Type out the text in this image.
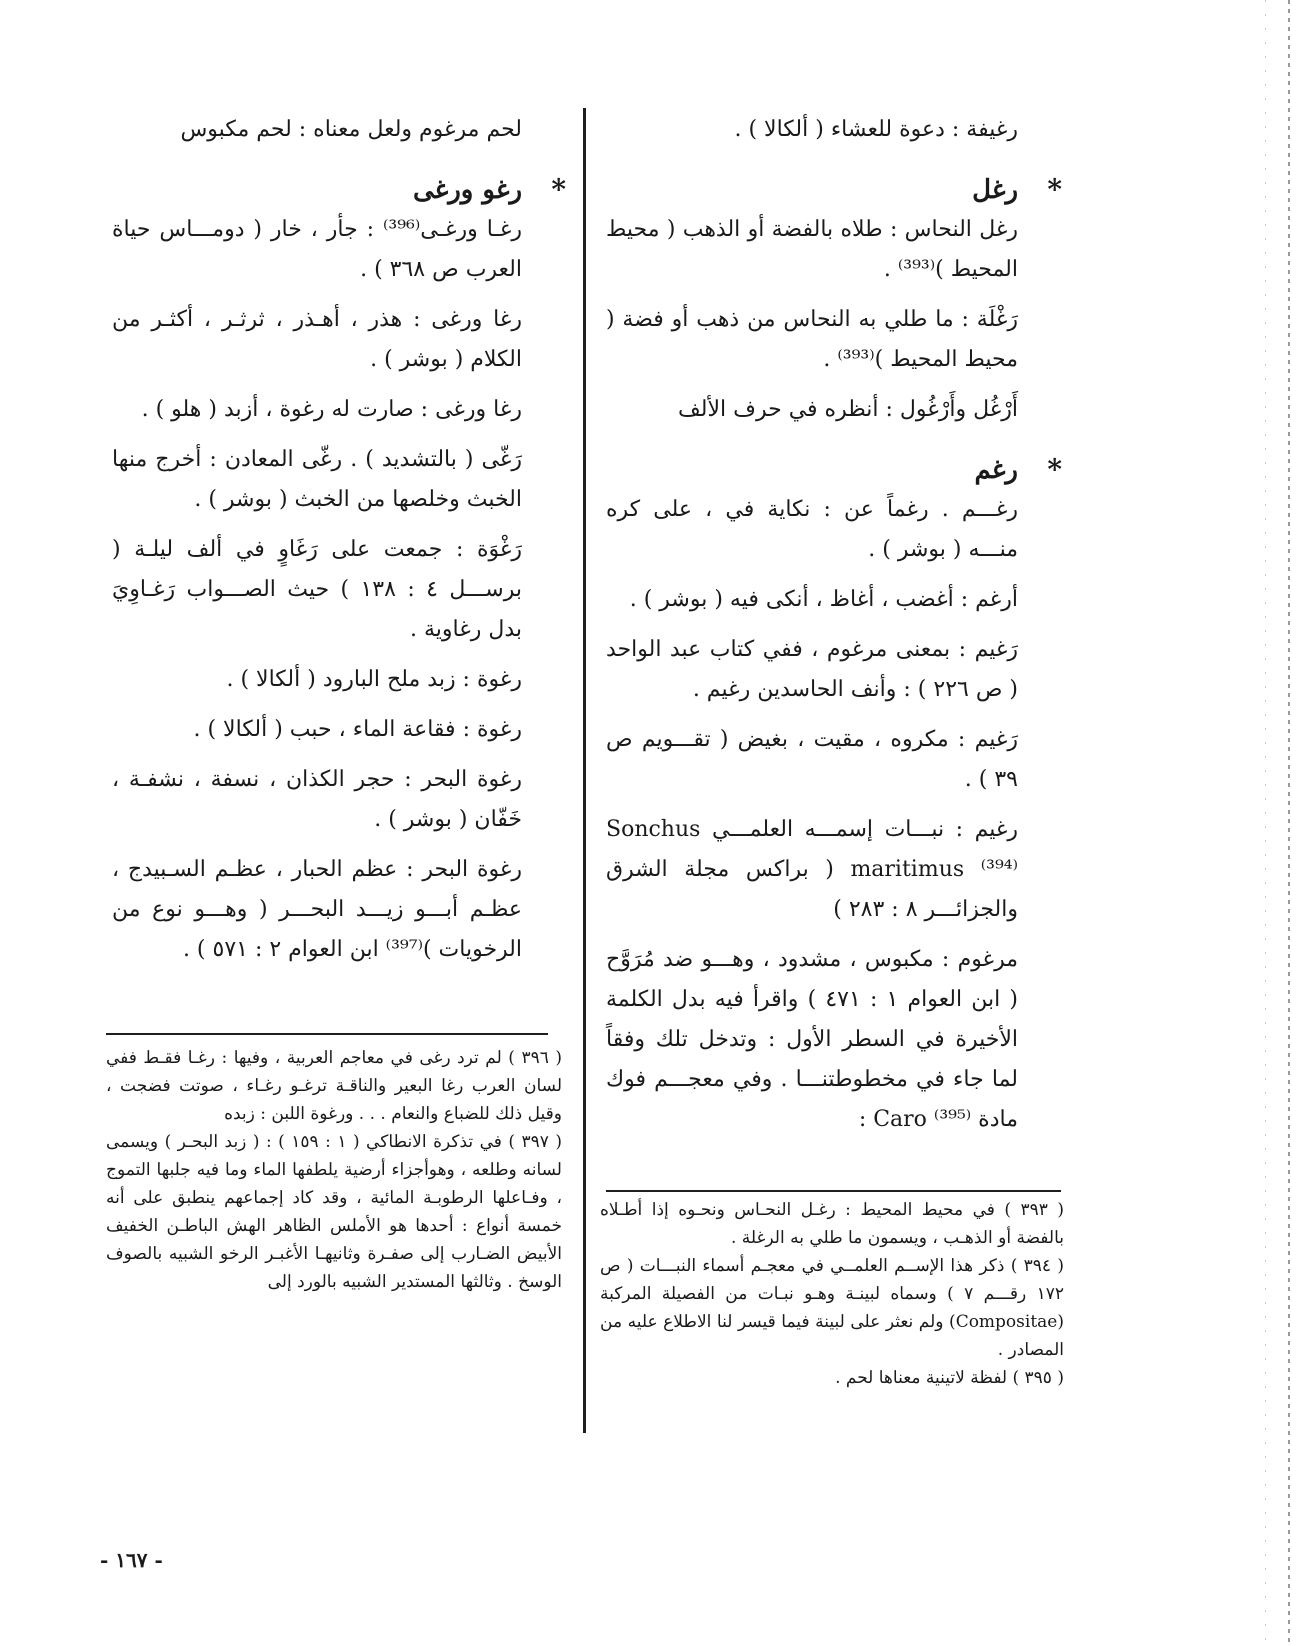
رغيفة : دعوة للعشاء ( ألكالا ) .

*
رغل

رغل النحاس : طلاه بالفضة أو الذهب ( محيط المحيط )⁽³⁹³⁾ .

رَغْلَة : ما طلي به النحاس من ذهب أو فضة ( محيط المحيط )⁽³⁹³⁾ .

أَرْغُل وأَرْغُول : أنظره في حرف الألف

*
رغم

رغـــم . رغماً عن : نكاية في ، على كره منـــه ( بوشر ) .

أرغم : أغضب ، أغاظ ، أنكى فيه ( بوشر ) .

رَغيم : بمعنى مرغوم ، ففي كتاب عبد الواحد ( ص ٢٢٦ ) : وأنف الحاسدين رغيم .

رَغيم : مكروه ، مقيت ، بغيض ( تقـــويم ص ٣٩ ) .

رغيم : نبـــات إسمـــه العلمـــي Sonchus maritimus ⁽³⁹⁴⁾ ( براكس مجلة الشرق والجزائـــر ٨ : ٢٨٣ )

مرغوم : مكبوس ، مشدود ، وهـــو ضد مُرَوَّح ( ابن العوام ١ : ٤٧١ ) واقرأ فيه بدل الكلمة الأخيرة في السطر الأول : وتدخل تلك وفقاً لما جاء في مخطوطتنـــا . وفي معجـــم فوك مادة Caro ⁽³⁹⁵⁾ :

لحم مرغوم ولعل معناه : لحم مكبوس

*
رغو ورغى

رغـا ورغـى⁽³⁹⁶⁾ : جأر ، خار ( دومـــاس حياة العرب ص ٣٦٨ ) .

رغا ورغى : هذر ، أهـذر ، ثرثـر ، أكثـر من الكلام ( بوشر ) .

رغا ورغى : صارت له رغوة ، أزبد ( هلو ) .

رَغّى ( بالتشديد ) . رغّى المعادن : أخرج منها الخبث وخلصها من الخبث ( بوشر ) .

رَغْوَة : جمعت على رَغَاوٍ في ألف ليلـة ( برســـل ٤ : ١٣٨ ) حيث الصـــواب رَغـاوِيَ بدل رغاوية .

رغوة : زبد ملح البارود ( ألكالا ) .

رغوة : فقاعة الماء ، حبب ( ألكالا ) .

رغوة البحر : حجر الكذان ، نسفة ، نشفـة ، خَفّان ( بوشر ) .

رغوة البحر : عظم الحبار ، عظـم السـبيدج ، عظـم أبـــو زيـــد البحـــر ( وهـــو نوع من الرخويات )⁽³⁹⁷⁾ ابن العوام ٢ : ٥٧١ ) .

( ٣٩٣ ) في محيط المحيط : رغـل النحـاس ونحـوه إذا أطـلاه بالفضة أو الذهـب ، ويسمون ما طلي به الرغلة .

( ٣٩٤ ) ذكر هذا الإســم العلمــي في معجـم أسماء النبـــات ( ص ١٧٢ رقـــم ٧ ) وسماه لبينـة وهـو نبـات من الفصيلة المركبة (Compositae) ولم نعثر على لبينة فيما قيسر لنا الاطلاع عليه من المصادر .

( ٣٩٥ ) لفظة لاتينية معناها لحم .

( ٣٩٦ ) لم ترد رغى في معاجم العربية ، وفيها : رغـا فقـط ففي لسان العرب رغا البعير والناقـة ترغـو رغـاء ، صوتت فضجت ، وقيل ذلك للضباع والنعام . . . ورغوة اللبن : زبده

( ٣٩٧ ) في تذكرة الانطاكي ( ١ : ١٥٩ ) : ( زبد البحـر ) ويسمى لسانه وطلعه ، وهوأجزاء أرضية يلطفها الماء وما فيه جلبها التموج ، وفـاعلها الرطوبـة المائية ، وقد كاد إجماعهم ينطبق على أنه خمسة أنواع : أحدها هو الأملس الظاهر الهش الباطـن الخفيف الأبيض الضـارب إلى صفـرة وثانيهـا الأغبـر الرخو الشبيه بالصوف الوسخ . وثالثها المستدير الشبيه بالورد إلى

- ١٦٧ -
